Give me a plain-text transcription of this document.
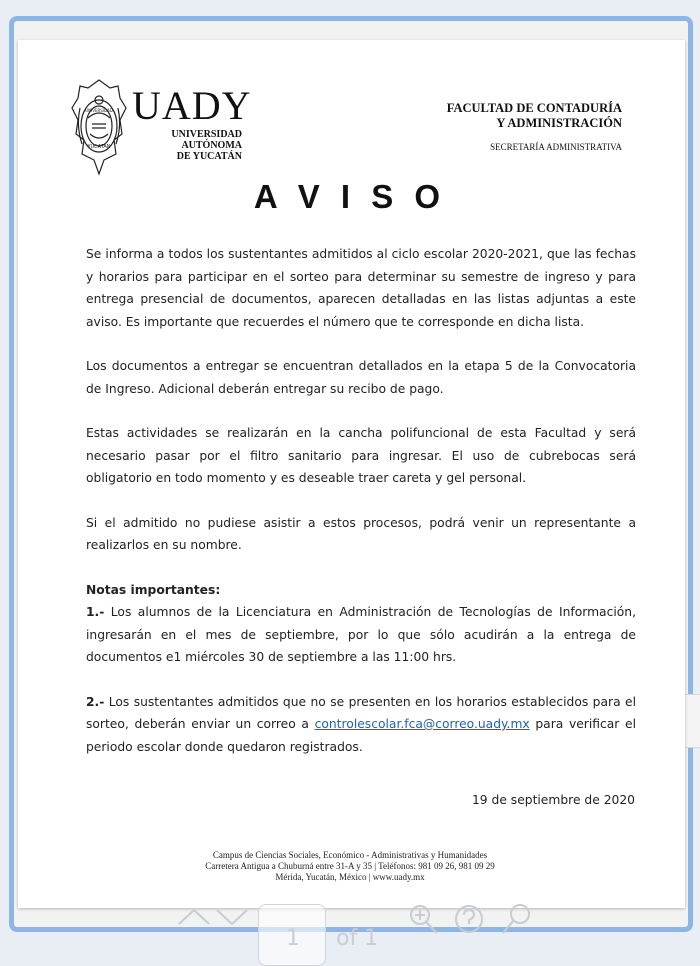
UNIVERSIDAD
YUCATAN
UADY
UNIVERSIDAD
AUTÓNOMA
DE YUCATÁN
FACULTAD DE CONTADURÍA
Y ADMINISTRACIÓN
SECRETARÍA ADMINISTRATIVA
A V I S O

Se informa a todos los sustentantes admitidos al ciclo escolar 2020-2021, que las fechas y horarios para participar en el sorteo para determinar su semestre de ingreso y para entrega presencial de documentos, aparecen detalladas en las listas adjuntas a este aviso. Es importante que recuerdes el número que te corresponde en dicha lista.

Los documentos a entregar se encuentran detallados en la etapa 5 de la Convocatoria de Ingreso. Adicional deberán entregar su recibo de pago.

Estas actividades se realizarán en la cancha polifuncional de esta Facultad y será necesario pasar por el filtro sanitario para ingresar. El uso de cubrebocas será obligatorio en todo momento y es deseable traer careta y gel personal.

Si el admitido no pudiese asistir a estos procesos, podrá venir un representante a realizarlos en su nombre.

Notas importantes:

1.- Los alumnos de la Licenciatura en Administración de Tecnologías de Información, ingresarán en el mes de septiembre, por lo que sólo acudirán a la entrega de documentos e1 miércoles 30 de septiembre a las 11:00 hrs.

2.- Los sustentantes admitidos que no se presenten en los horarios establecidos para el sorteo, deberán enviar un correo a controlescolar.fca@correo.uady.mx para verificar el periodo escolar donde quedaron registrados.

19 de septiembre de 2020
Campus de Ciencias Sociales, Económico - Administrativas y Humanidades
Carretera Antigua a Chuburná entre 31-A y 35 | Teléfonos: 981 09 26, 981 09 29
Mérida, Yucatán, México | www.uady.mx
1 of 1
